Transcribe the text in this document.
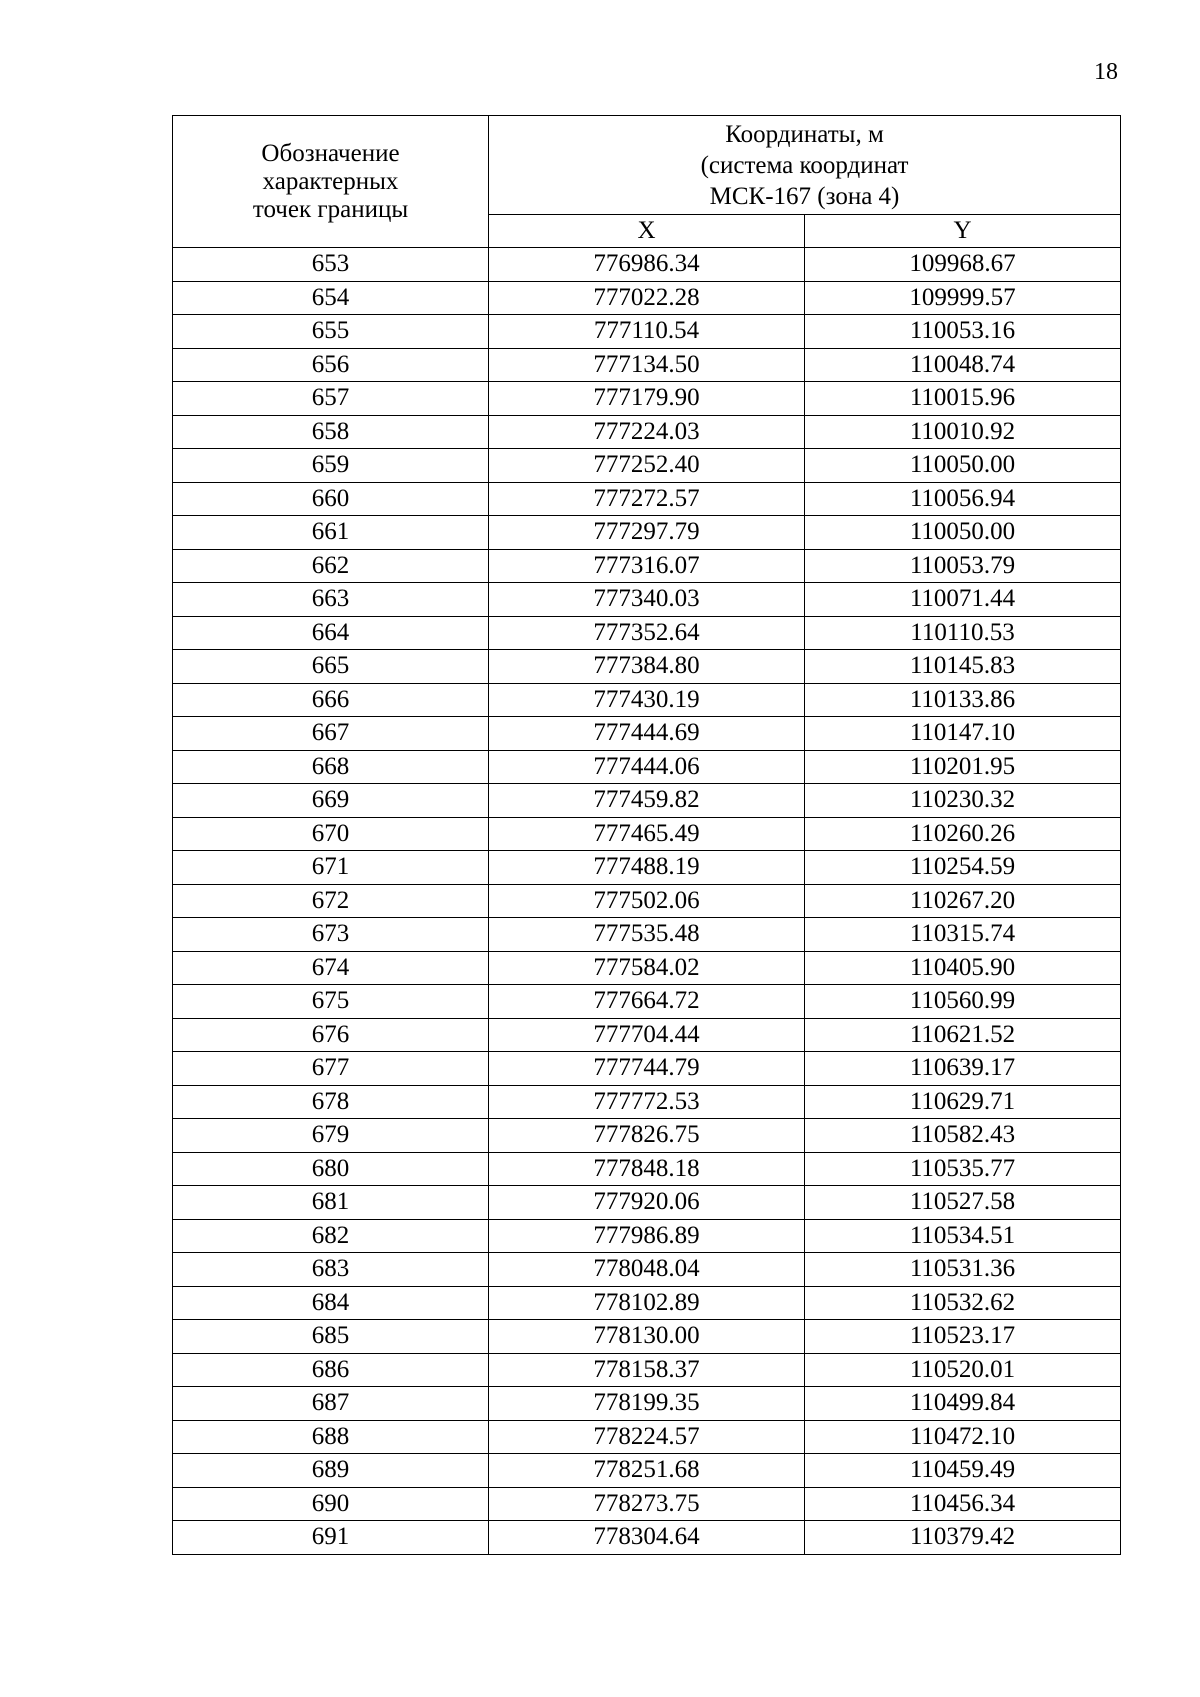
18
Обозначение
характерных
точек границы	Координаты, м
(система координат
МСК-167 (зона 4)	

	X	Y
653	776986.34	109968.67
654	777022.28	109999.57
655	777110.54	110053.16
656	777134.50	110048.74
657	777179.90	110015.96
658	777224.03	110010.92
659	777252.40	110050.00
660	777272.57	110056.94
661	777297.79	110050.00
662	777316.07	110053.79
663	777340.03	110071.44
664	777352.64	110110.53
665	777384.80	110145.83
666	777430.19	110133.86
667	777444.69	110147.10
668	777444.06	110201.95
669	777459.82	110230.32
670	777465.49	110260.26
671	777488.19	110254.59
672	777502.06	110267.20
673	777535.48	110315.74
674	777584.02	110405.90
675	777664.72	110560.99
676	777704.44	110621.52
677	777744.79	110639.17
678	777772.53	110629.71
679	777826.75	110582.43
680	777848.18	110535.77
681	777920.06	110527.58
682	777986.89	110534.51
683	778048.04	110531.36
684	778102.89	110532.62
685	778130.00	110523.17
686	778158.37	110520.01
687	778199.35	110499.84
688	778224.57	110472.10
689	778251.68	110459.49
690	778273.75	110456.34
691	778304.64	110379.42
